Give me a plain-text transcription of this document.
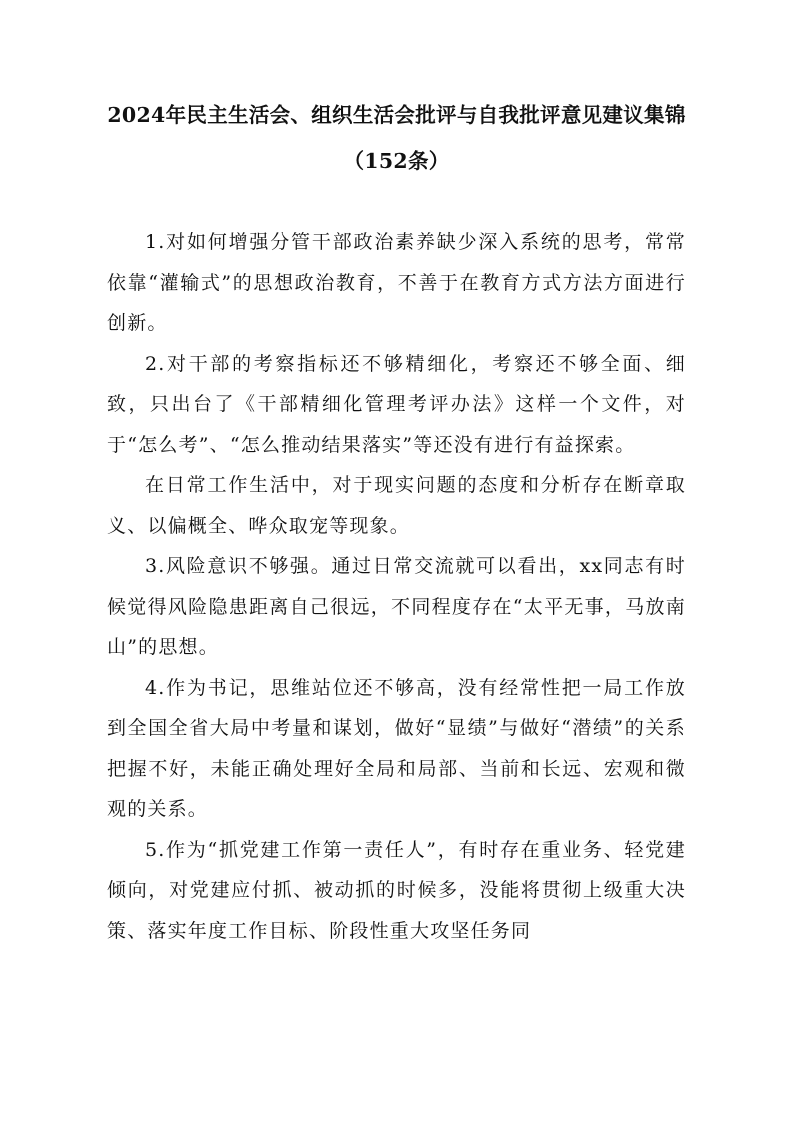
2024年民主生活会、组织生活会批评与自我批评意见建议集锦（152条）

1.对如何增强分管干部政治素养缺少深入系统的思考，常常依靠“灌输式”的思想政治教育，不善于在教育方式方法方面进行创新。

2.对干部的考察指标还不够精细化，考察还不够全面、细致，只出台了《干部精细化管理考评办法》这样一个文件，对于“怎么考”、“怎么推动结果落实”等还没有进行有益探索。

在日常工作生活中，对于现实问题的态度和分析存在断章取义、以偏概全、哗众取宠等现象。

3.风险意识不够强。通过日常交流就可以看出，xx同志有时候觉得风险隐患距离自己很远，不同程度存在“太平无事，马放南山”的思想。

4.作为书记，思维站位还不够高，没有经常性把一局工作放到全国全省大局中考量和谋划，做好“显绩”与做好“潜绩”的关系把握不好，未能正确处理好全局和局部、当前和长远、宏观和微观的关系。

5.作为“抓党建工作第一责任人”，有时存在重业务、轻党建倾向，对党建应付抓、被动抓的时候多，没能将贯彻上级重大决策、落实年度工作目标、阶段性重大攻坚任务同
